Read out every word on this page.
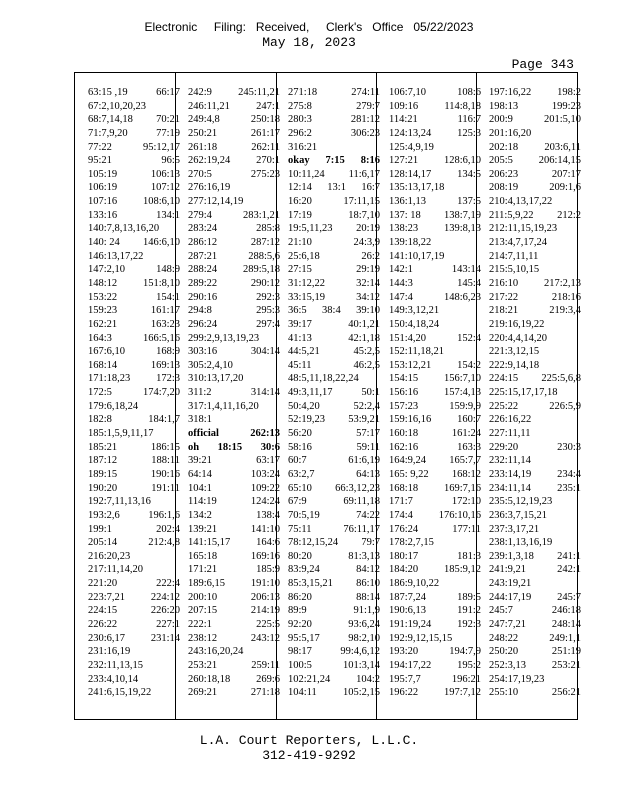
Electronic     Filing:   Received,     Clerk's   Office   05/22/2023
May 18, 2023
Page 343
63:15 ,19	66:17
67:2,10,20,23
68:7,14,18 70:21
71:7,9,20	77:19
77:22	95:12,17
95:21	96:5
105:19	106:13
106:19	107:12
107:16 108:6,10
133:16	134:1
140:7,8,13,16,20
140: 24 146:6,10
146:13,17,22
147:2,10	148:9
148:12 151:8,10
153:22	154:1
159:23	161:17
162:21	163:23
164:3	166:5,16
167:6,10	168:9
168:14	169:13
171:18,23 172:3
172:5	174:7,20
179:6,18,24
182:8	184:1,7
185:1,5,9,11,17
185:21	186:15
187:12	188:11
189:15	190:16
190:20	191:11
192:7,11,13,16
193:2,6	196:1,6
199:1	202:4
205:14	212:4,8
216:20,23
217:11,14,20
221:20	222:4
223:7,21 224:12
224:15	226:20
226:22	227:1
230:6,17 231:14
231:16,19
232:11,13,15
233:4,10,14
241:6,15,19,22
242:9 245:11,21
246:11,21 247:1
249:4,8	250:18
250:21	261:17
261:18	262:11
262:19,24 270:1
270:5	275:23
276:16,19
277:12,14,19
279:4	283:1,21
283:24	285:8
286:12	287:12
287:21	288:5,6
288:24 289:5,18
289:22	290:12
290:16	292:3
294:8	295:3
296:24	297:4
299:2,9,13,19,23
303:16	304:14
305:2,4,10
310:13,17,20
311:2	314:14
317:1,4,11,16,20
318:1
official	262:13
oh 18:15 30:6
39:21	63:17
64:14	103:24
104:1	109:22
114:19	124:24
134:2	138:4
139:21	141:10
141:15,17 164:6
165:18	169:16
171:21	185:9
189:6,15 191:10
200:10	206:13
207:15	214:19
222:1	225:5
238:12	243:12
243:16,20,24
253:21	259:11
260:18,18 269:6
269:21	271:18
271:18	274:11
275:8	279:7
280:3	281:12
296:2	306:23
316:21
okay 7:15 8:16
10:11,24 11:6,17
12:14 13:1 16:7
16:20	17:11,15
17:19	18:7,10
19:5,11,23 20:19
21:10	24:3,9
25:6,18	26:2
27:15	29:19
31:12,22	32:14
33:15,19	34:12
36:5 38:4 39:10
39:17	40:1,21
41:13	42:1,18
44:5,21	45:2,5
45:11	46:2,5
48:5,11,18,22,24
49:3,11,17	50:1
50:4,20	52:2,4
52:19,23 53:9,21
56:20	57:17
58:16	59:11
60:7	61:6,19
63:2,7	64:13
65:10 66:3,12,23
67:9	69:11,18
70:5,19	74:22
75:11	76:11,17
78:12,15,24 79:7
80:20	81:3,13
83:9,24	84:12
85:3,15,21 86:10
86:20	88:14
89:9	91:1,9
92:20	93:6,24
95:5,17	98:2,10
98:17	99:4,6,12
100:5	101:3,14
102:21,24 104:2
104:11 105:2,15
106:7,10	108:6
109:16 114:8,18
114:21	116:7
124:13,24 125:3
125:4,9,19
127:21 128:6,10
128:14,17 134:5
135:13,17,18
136:1,13	137:5
137: 18 138:7,19
138:23 139:8,13
139:18,22
141:10,17,19
142:1	143:14
144:3	145:4
147:4	148:6,23
149:3,12,21
150:4,18,24
151:4,20	152:4
152:11,18,21
153:12,21 154:2
154:15 156:7,10
156:16 157:4,13
157:23	159:9,9
159:16,16 160:7
160:18	161:24
162:16	163:3
164:9,24 165:7,7
165: 9,22 168:12
168:18 169:7,16
171:7	172:10
174:4 176:10,16
176:24	177:11
178:2,7,15
180:17	181:3
184:20 185:9,12
186:9,10,22
187:7,24	189:5
190:6,13	191:2
191:19,24 192:3
192:9,12,15,15
193:20	194:7,9
194:17,22 195:2
195:7,7	196:21
196:22 197:7,12
197:16,22 198:2
198:13	199:23
200:9	201:5,10
201:16,20
202:18 203:6,11
205:5 206:14,15
206:23	207:17
208:19	209:1,6
210:4,13,17,22
211:5,9,22 212:2
212:11,15,19,23
213:4,7,17,24
214:7,11,11
215:5,10,15
216:10 217:2,13
217:22	218:16
218:21	219:3,4
219:16,19,22
220:4,4,14,20
221:3,12,15
222:9,14,18
224:15 225:5,6,8
225:15,17,17,18
225:22	226:5,9
226:16,22
227:11,11
229:20	230:3
232:11,14
233:14,19 234:4
234:11,14 235:1
235:5,12,19,23
236:3,7,15,21
237:3,17,21
238:1,13,16,19
239:1,3,18 241:1
241:9,21	242:1
243:19,21
244:17,19 245:7
245:7	246:18
247:7,21 248:14
248:22	249:1,1
250:20	251:19
252:3,13 253:21
254:17,19,23
255:10	256:21
L.A. Court Reporters, L.L.C.
312-419-9292
